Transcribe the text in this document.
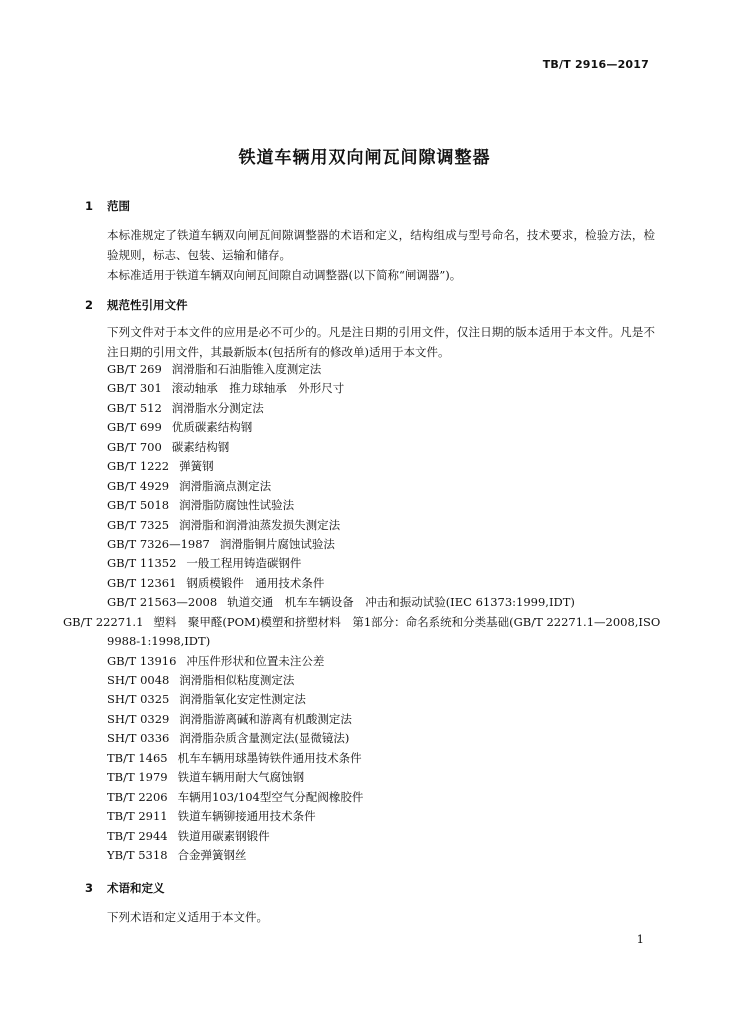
TB/T 2916—2017
铁道车辆用双向闸瓦间隙调整器
1 范围
本标准规定了铁道车辆双向闸瓦间隙调整器的术语和定义，结构组成与型号命名，技术要求，检验方法，检验规则，标志、包装、运输和储存。
本标准适用于铁道车辆双向闸瓦间隙自动调整器(以下简称“闸调器”)。
2 规范性引用文件
下列文件对于本文件的应用是必不可少的。凡是注日期的引用文件，仅注日期的版本适用于本文件。凡是不注日期的引用文件，其最新版本(包括所有的修改单)适用于本文件。
GB/T 269 润滑脂和石油脂锥入度测定法
GB/T 301 滚动轴承　推力球轴承　外形尺寸
GB/T 512 润滑脂水分测定法
GB/T 699 优质碳素结构钢
GB/T 700 碳素结构钢
GB/T 1222 弹簧钢
GB/T 4929 润滑脂滴点测定法
GB/T 5018 润滑脂防腐蚀性试验法
GB/T 7325 润滑脂和润滑油蒸发损失测定法
GB/T 7326—1987 润滑脂铜片腐蚀试验法
GB/T 11352 一般工程用铸造碳钢件
GB/T 12361 钢质模锻件　通用技术条件
GB/T 21563—2008 轨道交通　机车车辆设备　冲击和振动试验(IEC 61373:1999,IDT)
GB/T 22271.1 塑料　聚甲醛(POM)模塑和挤塑材料　第1部分：命名系统和分类基础(GB/T 22271.1—2008,ISO 9988-1:1998,IDT)
GB/T 13916 冲压件形状和位置未注公差
SH/T 0048 润滑脂相似粘度测定法
SH/T 0325 润滑脂氧化安定性测定法
SH/T 0329 润滑脂游离碱和游离有机酸测定法
SH/T 0336 润滑脂杂质含量测定法(显微镜法)
TB/T 1465 机车车辆用球墨铸铁件通用技术条件
TB/T 1979 铁道车辆用耐大气腐蚀钢
TB/T 2206 车辆用103/104型空气分配阀橡胶件
TB/T 2911 铁道车辆铆接通用技术条件
TB/T 2944 铁道用碳素钢锻件
YB/T 5318 合金弹簧钢丝
3 术语和定义
下列术语和定义适用于本文件。
1
